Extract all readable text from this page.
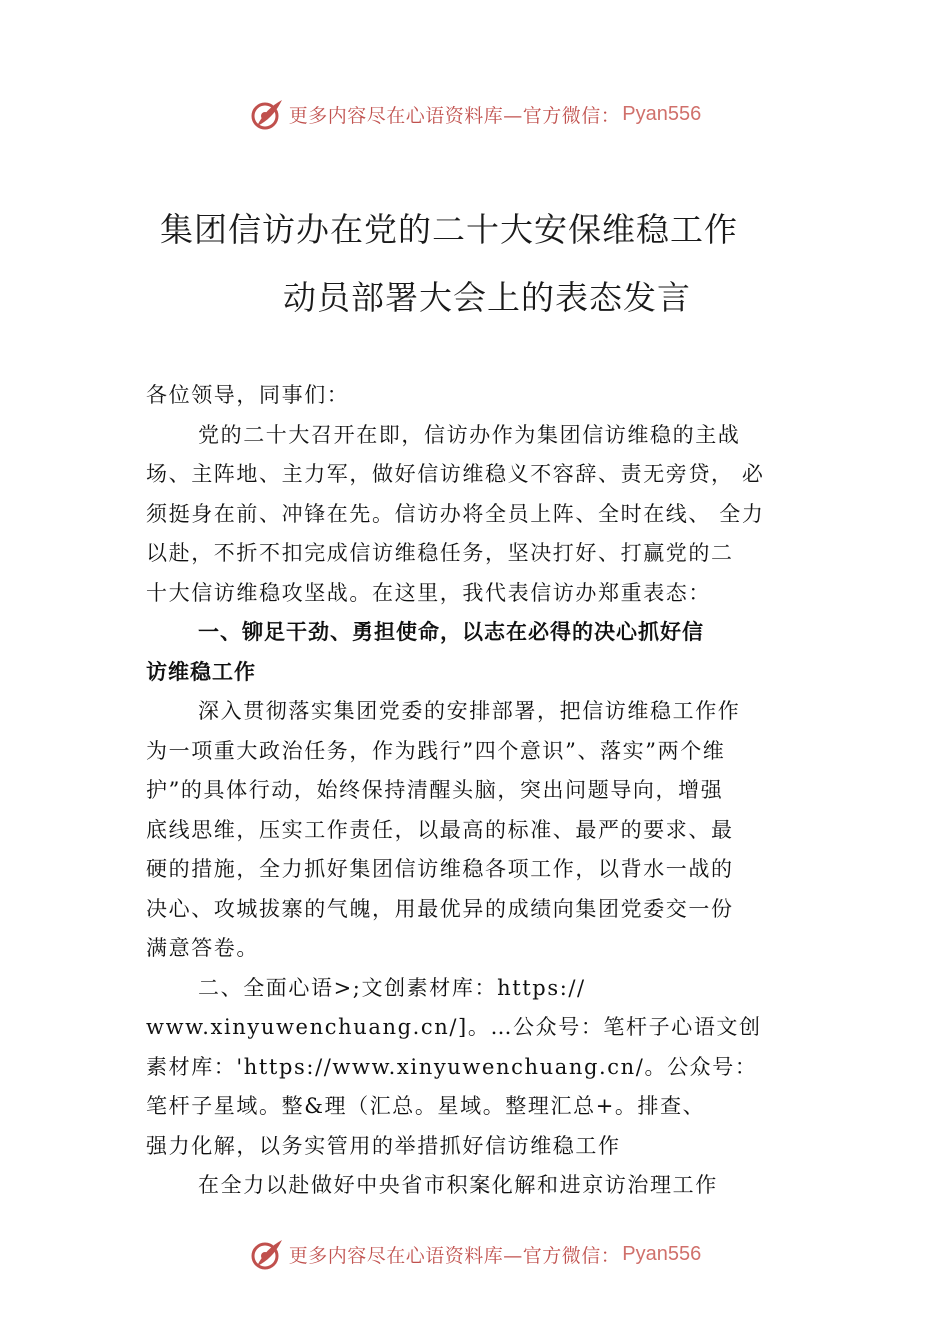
更多内容尽在心语资料库—官方微信： Pyan556
集团信访办在党的二十大安保维稳工作
动员部署大会上的表态发言

各位领导，同事们：

党的二十大召开在即，信访办作为集团信访维稳的主战

场、主阵地、主力军，做好信访维稳义不容辞、责无旁贷， 必

须挺身在前、冲锋在先。信访办将全员上阵、全时在线、 全力

以赴，不折不扣完成信访维稳任务，坚决打好、打赢党的二

十大信访维稳攻坚战。在这里，我代表信访办郑重表态：

一、铆足干劲、勇担使命，以志在必得的决心抓好信

访维稳工作

深入贯彻落实集团党委的安排部署，把信访维稳工作作

为一项重大政治任务，作为践行”四个意识”、落实”两个维

护”的具体行动，始终保持清醒头脑，突出问题导向，增强

底线思维，压实工作责任，以最高的标准、最严的要求、最

硬的措施，全力抓好集团信访维稳各项工作，以背水一战的

决心、攻城拔寨的气魄，用最优异的成绩向集团党委交一份

满意答卷。

二、全面心语>;文创素材库：https://

www.xinyuwenchuang.cn/]。…公众号：笔杆子心语文创

素材库：'https://www.xinyuwenchuang.cn/。公众号：

笔杆子星域。整&理（汇总。星域。整理汇总+。排查、

强力化解，以务实管用的举措抓好信访维稳工作

在全力以赴做好中央省市积案化解和进京访治理工作

更多内容尽在心语资料库—官方微信： Pyan556
